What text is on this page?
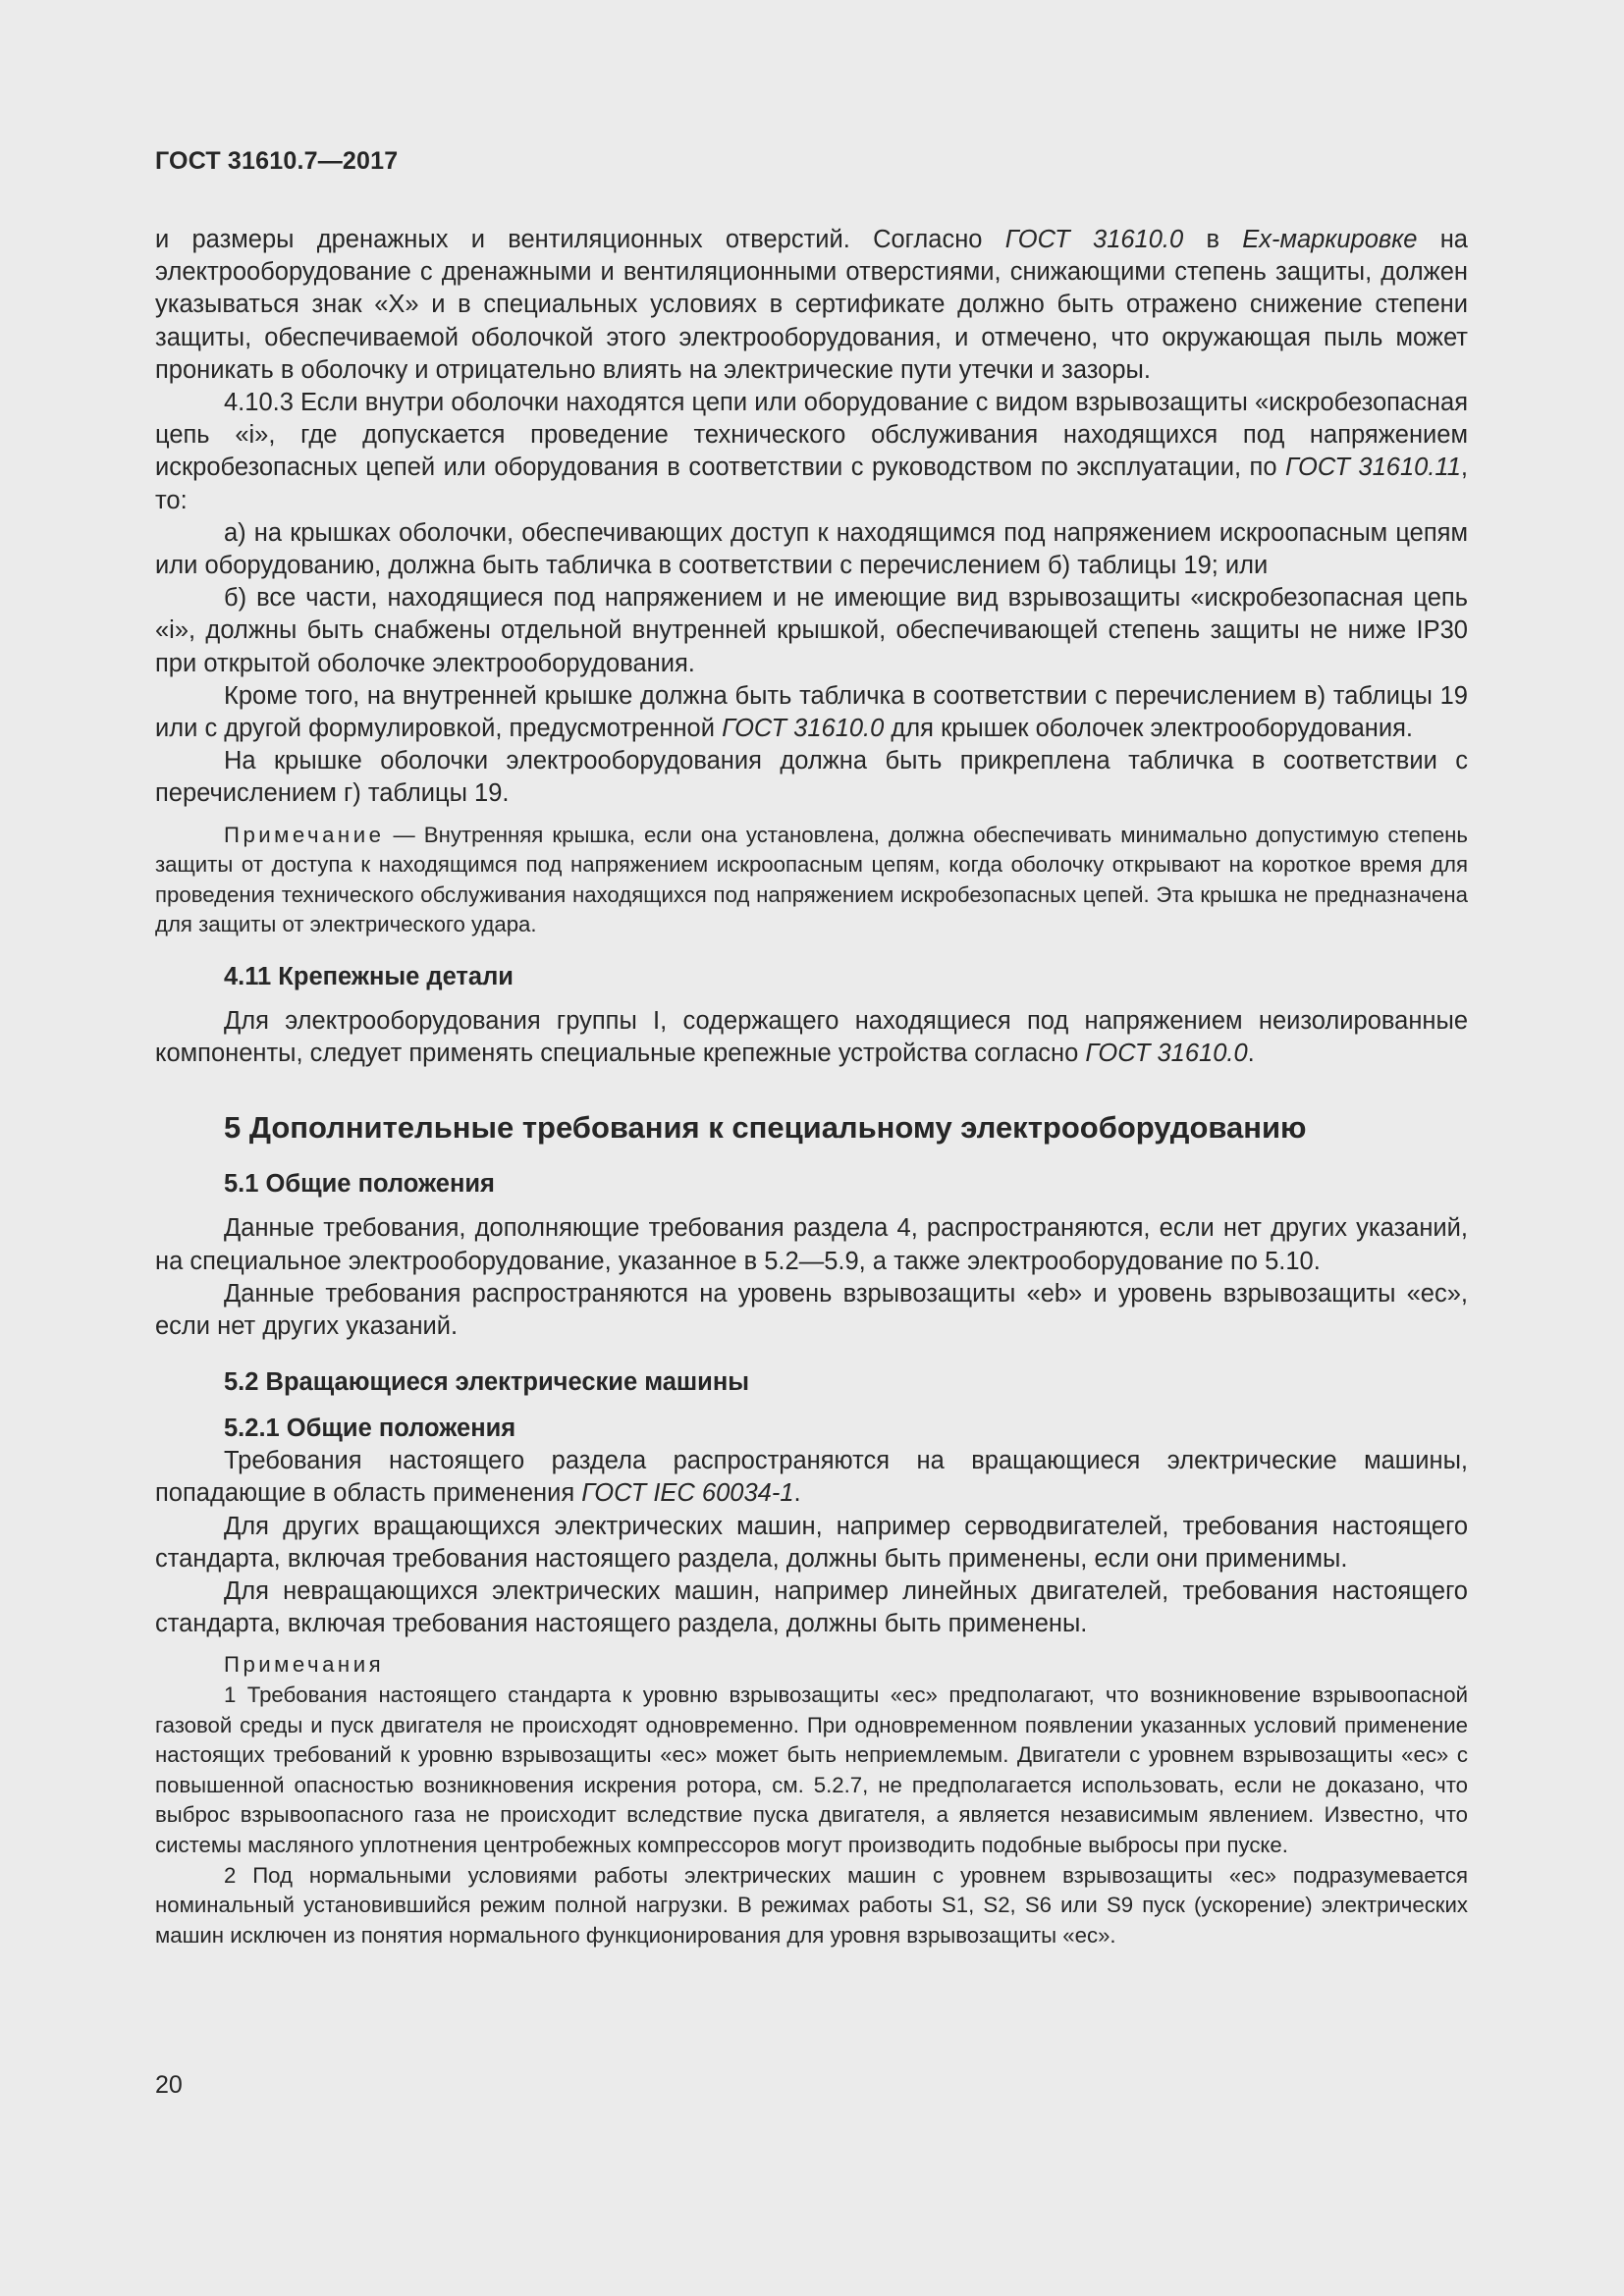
ГОСТ 31610.7—2017

и размеры дренажных и вентиляционных отверстий. Согласно ГОСТ 31610.0 в Ex-маркировке на электрооборудование с дренажными и вентиляционными отверстиями, снижающими степень защиты, должен указываться знак «X» и в специальных условиях в сертификате должно быть отражено снижение степени защиты, обеспечиваемой оболочкой этого электрооборудования, и отмечено, что окружающая пыль может проникать в оболочку и отрицательно влиять на электрические пути утечки и зазоры.

4.10.3 Если внутри оболочки находятся цепи или оборудование с видом взрывозащиты «искробезопасная цепь «i», где допускается проведение технического обслуживания находящихся под напряжением искробезопасных цепей или оборудования в соответствии с руководством по эксплуатации, по ГОСТ 31610.11, то:

а) на крышках оболочки, обеспечивающих доступ к находящимся под напряжением искроопасным цепям или оборудованию, должна быть табличка в соответствии с перечислением б) таблицы 19; или

б) все части, находящиеся под напряжением и не имеющие вид взрывозащиты «искробезопасная цепь «i», должны быть снабжены отдельной внутренней крышкой, обеспечивающей степень защиты не ниже IP30 при открытой оболочке электрооборудования.

Кроме того, на внутренней крышке должна быть табличка в соответствии с перечислением в) таблицы 19 или с другой формулировкой, предусмотренной ГОСТ 31610.0 для крышек оболочек электрооборудования.

На крышке оболочки электрооборудования должна быть прикреплена табличка в соответствии с перечислением г) таблицы 19.

Примечание — Внутренняя крышка, если она установлена, должна обеспечивать минимально допустимую степень защиты от доступа к находящимся под напряжением искроопасным цепям, когда оболочку открывают на короткое время для проведения технического обслуживания находящихся под напряжением искробезопасных цепей. Эта крышка не предназначена для защиты от электрического удара.

4.11 Крепежные детали

Для электрооборудования группы I, содержащего находящиеся под напряжением неизолированные компоненты, следует применять специальные крепежные устройства согласно ГОСТ 31610.0.

5 Дополнительные требования к специальному электрооборудованию

5.1 Общие положения

Данные требования, дополняющие требования раздела 4, распространяются, если нет других указаний, на специальное электрооборудование, указанное в 5.2—5.9, а также электрооборудование по 5.10.

Данные требования распространяются на уровень взрывозащиты «eb» и уровень взрывозащиты «ec», если нет других указаний.

5.2 Вращающиеся электрические машины

5.2.1 Общие положения

Требования настоящего раздела распространяются на вращающиеся электрические машины, попадающие в область применения ГОСТ IEC 60034-1.

Для других вращающихся электрических машин, например серводвигателей, требования настоящего стандарта, включая требования настоящего раздела, должны быть применены, если они применимы.

Для невращающихся электрических машин, например линейных двигателей, требования настоящего стандарта, включая требования настоящего раздела, должны быть применены.

Примечания

1 Требования настоящего стандарта к уровню взрывозащиты «ec» предполагают, что возникновение взрывоопасной газовой среды и пуск двигателя не происходят одновременно. При одновременном появлении указанных условий применение настоящих требований к уровню взрывозащиты «ec» может быть неприемлемым. Двигатели с уровнем взрывозащиты «ec» с повышенной опасностью возникновения искрения ротора, см. 5.2.7, не предполагается использовать, если не доказано, что выброс взрывоопасного газа не происходит вследствие пуска двигателя, а является независимым явлением. Известно, что системы масляного уплотнения центробежных компрессоров могут производить подобные выбросы при пуске.

2 Под нормальными условиями работы электрических машин с уровнем взрывозащиты «ec» подразумевается номинальный установившийся режим полной нагрузки. В режимах работы S1, S2, S6 или S9 пуск (ускорение) электрических машин исключен из понятия нормального функционирования для уровня взрывозащиты «ec».

20
